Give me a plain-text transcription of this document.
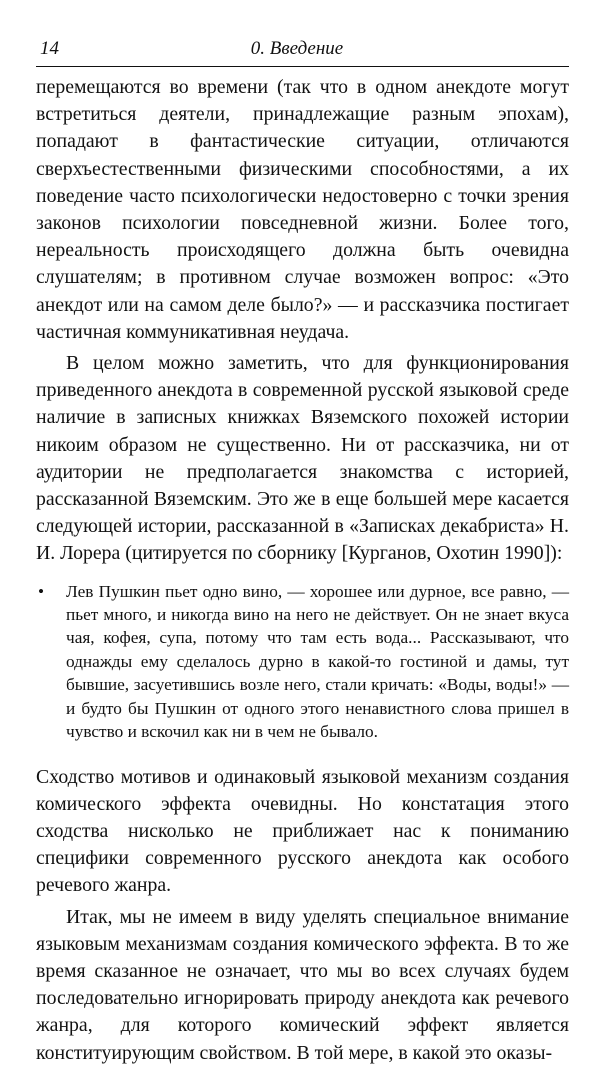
14	0. Введение

перемещаются во времени (так что в одном анекдоте могут встретиться деятели, принадлежащие разным эпохам), попадают в фантастические ситуации, отличаются сверхъестественными физическими способностями, а их поведение часто психологически недостоверно с точки зрения законов психологии повседневной жизни. Более того, нереальность происходящего должна быть очевидна слушателям; в противном случае возможен вопрос: «Это анекдот или на самом деле было?» — и рассказчика постигает частичная коммуникативная неудача.

В целом можно заметить, что для функционирования приведенного анекдота в современной русской языковой среде наличие в записных книжках Вяземского похожей истории никоим образом не существенно. Ни от рассказчика, ни от аудитории не предполагается знакомства с историей, рассказанной Вяземским. Это же в еще большей мере касается следующей истории, рассказанной в «Записках декабриста» Н. И. Лорера (цитируется по сборнику [Курганов, Охотин 1990]):

• Лев Пушкин пьет одно вино, — хорошее или дурное, все равно, — пьет много, и никогда вино на него не действует. Он не знает вкуса чая, кофея, супа, потому что там есть вода... Рассказывают, что однажды ему сделалось дурно в какой-то гостиной и дамы, тут бывшие, засуетившись возле него, стали кричать: «Воды, воды!» — и будто бы Пушкин от одного этого ненавистного слова пришел в чувство и вскочил как ни в чем не бывало.

Сходство мотивов и одинаковый языковой механизм создания комического эффекта очевидны. Но констатация этого сходства нисколько не приближает нас к пониманию специфики современного русского анекдота как особого речевого жанра.

Итак, мы не имеем в виду уделять специальное внимание языковым механизмам создания комического эффекта. В то же время сказанное не означает, что мы во всех случаях будем последовательно игнорировать природу анекдота как речевого жанра, для которого комический эффект является конституирующим свойством. В той мере, в какой это оказы-
